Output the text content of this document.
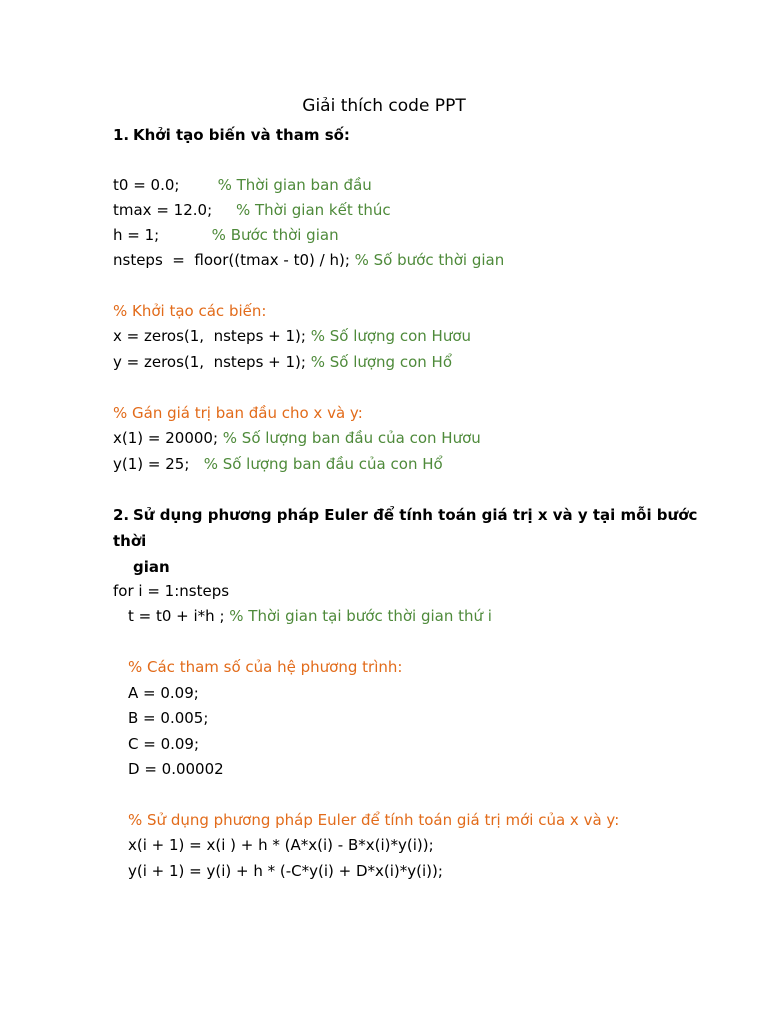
Giải thích code PPT
1. Khởi tạo biến và tham số:
t0 = 0.0;        % Thời gian ban đầu
tmax = 12.0;     % Thời gian kết thúc
h = 1;           % Bước thời gian
nsteps  =  floor((tmax - t0) / h); % Số bước thời gian
% Khởi tạo các biến:
x = zeros(1,  nsteps + 1); % Số lượng con Hươu
y = zeros(1,  nsteps + 1); % Số lượng con Hổ
% Gán giá trị ban đầu cho x và y:
x(1) = 20000; % Số lượng ban đầu của con Hươu
y(1) = 25;   % Số lượng ban đầu của con Hổ
2. Sử dụng phương pháp Euler để tính toán giá trị x và y tại mỗi bước thời
gian
for i = 1:nsteps
t = t0 + i*h ; % Thời gian tại bước thời gian thứ i
% Các tham số của hệ phương trình:
A = 0.09;
B = 0.005;
C = 0.09;
D = 0.00002
% Sử dụng phương pháp Euler để tính toán giá trị mới của x và y:
x(i + 1) = x(i ) + h * (A*x(i) - B*x(i)*y(i));
y(i + 1) = y(i) + h * (-C*y(i) + D*x(i)*y(i));
